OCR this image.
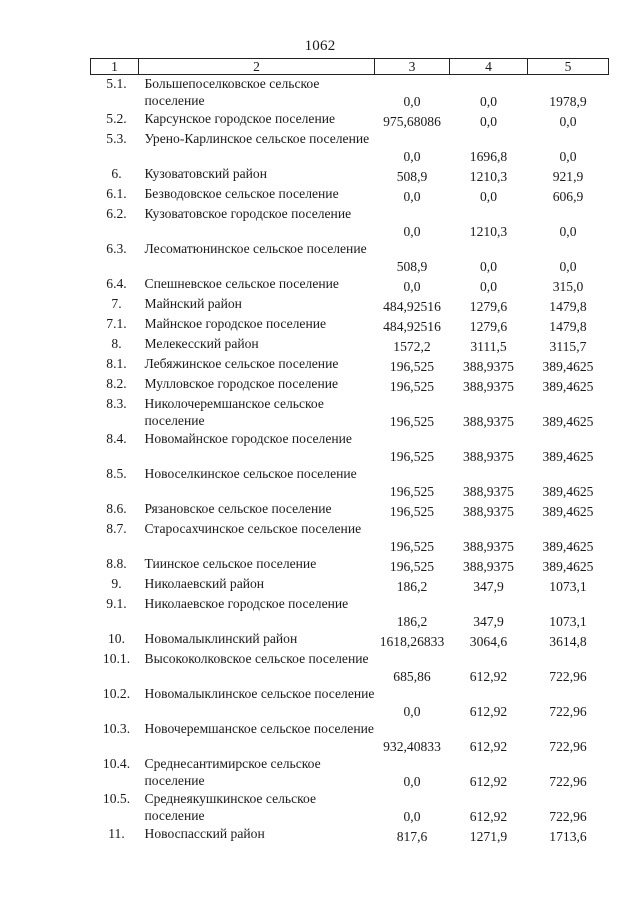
1062
1	2	3	4	5
5.1.	Большепоселковское сельское поселение	0,0	0,0	1978,9
5.2.	Карсунское городское поселение	975,68086	0,0	0,0
5.3.	Урено-Карлинское сельское поселение	0,0	1696,8	0,0
6.	Кузоватовский район	508,9	1210,3	921,9
6.1.	Безводовское сельское поселение	0,0	0,0	606,9
6.2.	Кузоватовское городское поселение	0,0	1210,3	0,0
6.3.	Лесоматюнинское сельское поселение	508,9	0,0	0,0
6.4.	Спешневское сельское поселение	0,0	0,0	315,0
7.	Майнский район	484,92516	1279,6	1479,8
7.1.	Майнское городское поселение	484,92516	1279,6	1479,8
8.	Мелекесский район	1572,2	3111,5	3115,7
8.1.	Лебяжинское сельское поселение	196,525	388,9375	389,4625
8.2.	Мулловское городское поселение	196,525	388,9375	389,4625
8.3.	Николочеремшанское сельское поселение	196,525	388,9375	389,4625
8.4.	Новомайнское городское поселение	196,525	388,9375	389,4625
8.5.	Новоселкинское сельское поселение	196,525	388,9375	389,4625
8.6.	Рязановское сельское поселение	196,525	388,9375	389,4625
8.7.	Старосахчинское сельское поселение	196,525	388,9375	389,4625
8.8.	Тиинское сельское поселение	196,525	388,9375	389,4625
9.	Николаевский район	186,2	347,9	1073,1
9.1.	Николаевское городское поселение	186,2	347,9	1073,1
10.	Новомалыклинский район	1618,26833	3064,6	3614,8
10.1.	Высококолковское сельское поселение	685,86	612,92	722,96
10.2.	Новомалыклинское сельское поселение	0,0	612,92	722,96
10.3.	Новочеремшанское сельское поселение	932,40833	612,92	722,96
10.4.	Среднесантимирское сельское поселение	0,0	612,92	722,96
10.5.	Среднеякушкинское сельское поселение	0,0	612,92	722,96
11.	Новоспасский район	817,6	1271,9	1713,6
